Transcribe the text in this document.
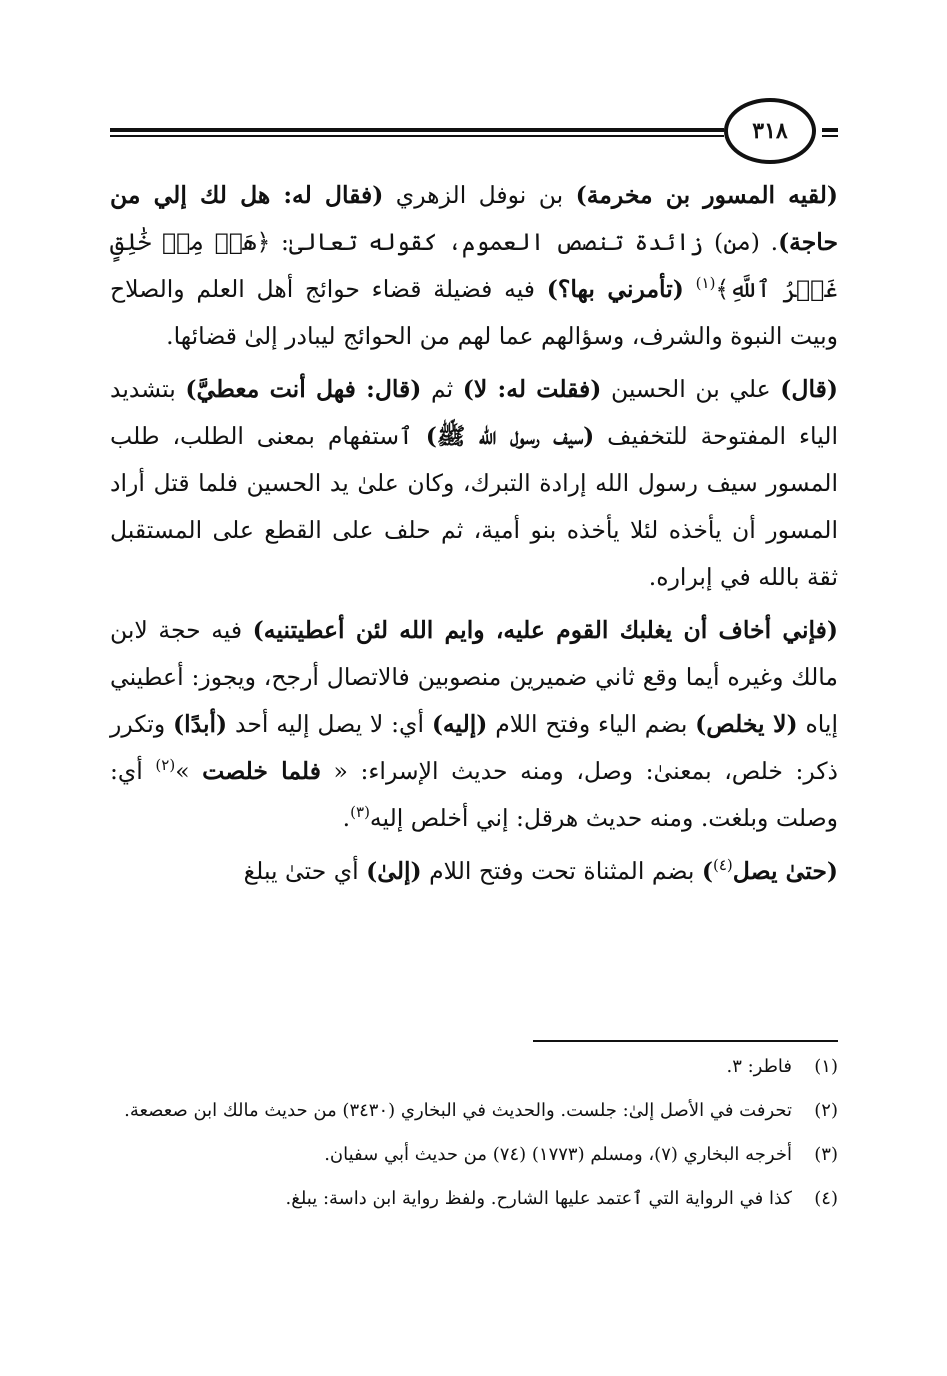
٣١٨

(لقيه المسور بن مخرمة) بن نوفل الزهري (فقال له: هل لك إلي من حاجة). (من) زائدة تنصص العموم، كقوله تعالىٰ: ﴿هَلۡ مِنۡ خَٰلِقٍ غَيۡرُ ٱللَّهِ﴾$^{(١)}$ (تأمرني بها؟) فيه فضيلة قضاء حوائج أهل العلم والصلاح وبيت النبوة والشرف، وسؤالهم عما لهم من الحوائج ليبادر إلىٰ قضائها.

(قال) علي بن الحسين (فقلت له: لا) ثم (قال: فهل أنت معطيَّ) بتشديد الياء المفتوحة للتخفيف (سيف رسول الله ﷺ) ٱستفهام بمعنى الطلب، طلب المسور سيف رسول الله إرادة التبرك، وكان علىٰ يد الحسين فلما قتل أراد المسور أن يأخذه لئلا يأخذه بنو أمية، ثم حلف على القطع على المستقبل ثقة بالله في إبراره.

(فإني أخاف أن يغلبك القوم عليه، وايم الله لئن أعطيتنيه) فيه حجة لابن مالك وغيره أيما وقع ثاني ضميرين منصوبين فالاتصال أرجح، ويجوز: أعطيني إياه (لا يخلص) بضم الياء وفتح اللام (إليه) أي: لا يصل إليه أحد (أبدًا) وتكرر ذكر: خلص، بمعنىٰ: وصل، ومنه حديث الإسراء: « فلما خلصت »$^{(٢)}$ أي: وصلت وبلغت. ومنه حديث هرقل: إني أخلص إليه$^{(٣)}$.

(حتىٰ يصل$^{(٤)}$) بضم المثناة تحت وفتح اللام (إلىٰ) أي حتىٰ يبلغ

(١)
فاطر: ٣.
(٢)
تحرفت في الأصل إلىٰ: جلست. والحديث في البخاري (٣٤٣٠) من حديث مالك ابن صعصعة.
(٣)
أخرجه البخاري (٧)، ومسلم (١٧٧٣) (٧٤) من حديث أبي سفيان.
(٤)
كذا في الرواية التي ٱعتمد عليها الشارح. ولفظ رواية ابن داسة: يبلغ.
